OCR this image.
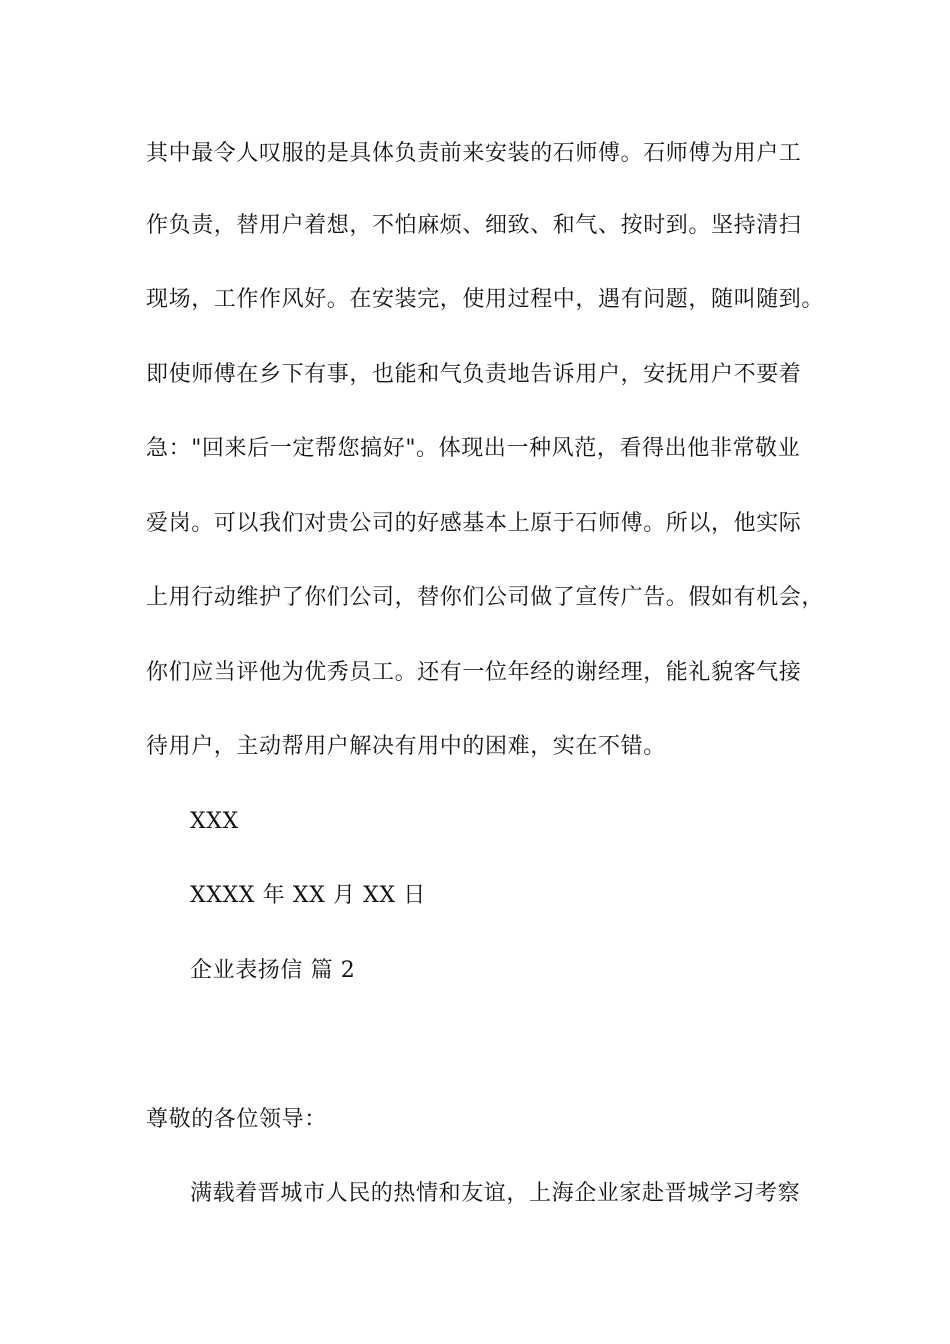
其中最令人叹服的是具体负责前来安装的石师傅。石师傅为用户工
作负责，替用户着想，不怕麻烦、细致、和气、按时到。坚持清扫
现场，工作作风好。在安装完，使用过程中，遇有问题，随叫随到。
即使师傅在乡下有事，也能和气负责地告诉用户，安抚用户不要着
急："回来后一定帮您搞好"。体现出一种风范，看得出他非常敬业
爱岗。可以我们对贵公司的好感基本上原于石师傅。所以，他实际
上用行动维护了你们公司，替你们公司做了宣传广告。假如有机会，
你们应当评他为优秀员工。还有一位年经的谢经理，能礼貌客气接
待用户，主动帮用户解决有用中的困难，实在不错。
XXX
XXXX 年 XX 月 XX 日
企业表扬信 篇 2
尊敬的各位领导：
满载着晋城市人民的热情和友谊，上海企业家赴晋城学习考察
